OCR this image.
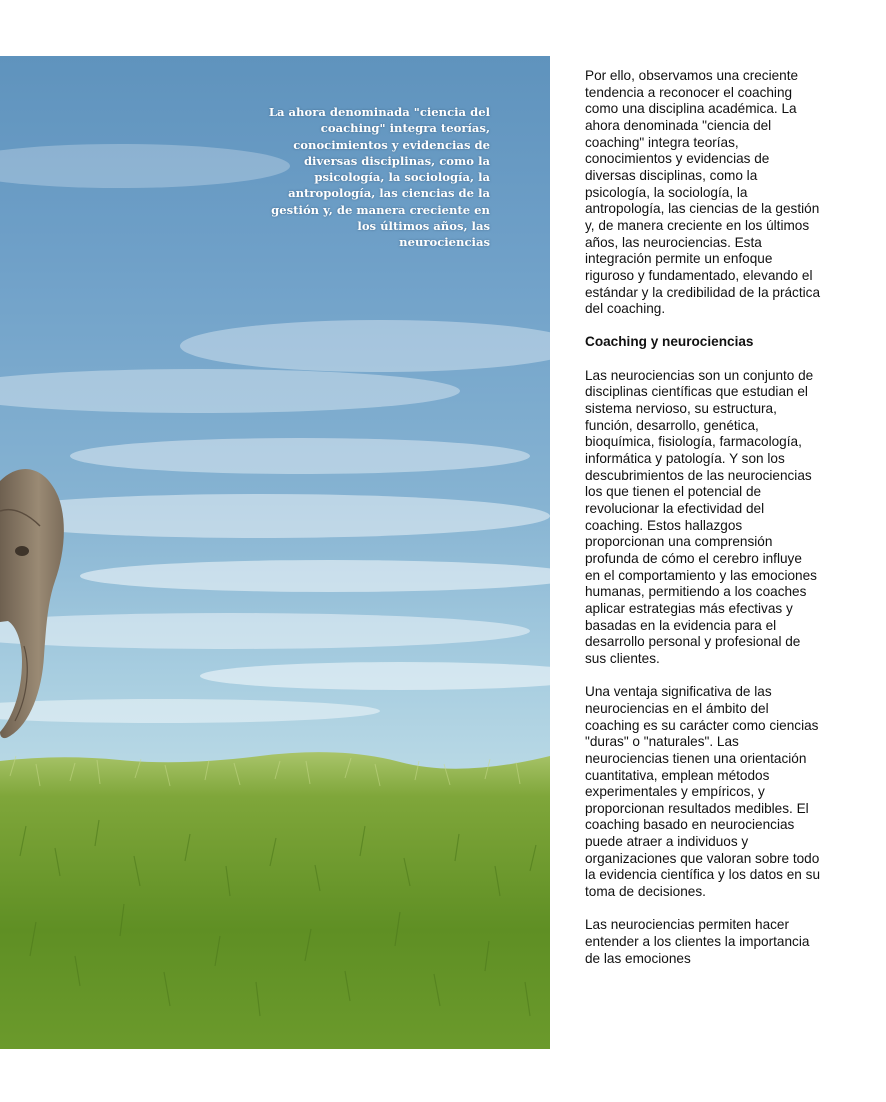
La ahora denominada "ciencia del coaching" integra teorías, conocimientos y evidencias de diversas disciplinas, como la psicología, la sociología, la antropología, las ciencias de la gestión y, de manera creciente en los últimos años, las neurociencias

Por ello, observamos una creciente tendencia a reconocer el coaching como una disciplina académica. La ahora denominada "ciencia del coaching" integra teorías, conocimientos y evidencias de diversas disciplinas, como la psicología, la sociología, la antropología, las ciencias de la gestión y, de manera creciente en los últimos años, las neurociencias. Esta integración permite un enfoque riguroso y fundamentado, elevando el estándar y la credibilidad de la práctica del coaching.

Coaching y neurociencias

Las neurociencias son un conjunto de disciplinas científicas que estudian el sistema nervioso, su estructura, función, desarrollo, genética, bioquímica, fisiología, farmacología, informática y patología. Y son los descubrimientos de las neurociencias los que tienen el potencial de revolucionar la efectividad del coaching. Estos hallazgos proporcionan una comprensión profunda de cómo el cerebro influye en el comportamiento y las emociones humanas, permitiendo a los coaches aplicar estrategias más efectivas y basadas en la evidencia para el desarrollo personal y profesional de sus clientes.

Una ventaja significativa de las neurociencias en el ámbito del coaching es su carácter como ciencias "duras" o "naturales". Las neurociencias tienen una orientación cuantitativa, emplean métodos experimentales y empíricos, y proporcionan resultados medibles. El coaching basado en neurociencias puede atraer a individuos y organizaciones que valoran sobre todo la evidencia científica y los datos en su toma de decisiones.

Las neurociencias permiten hacer entender a los clientes la importancia de las emociones
